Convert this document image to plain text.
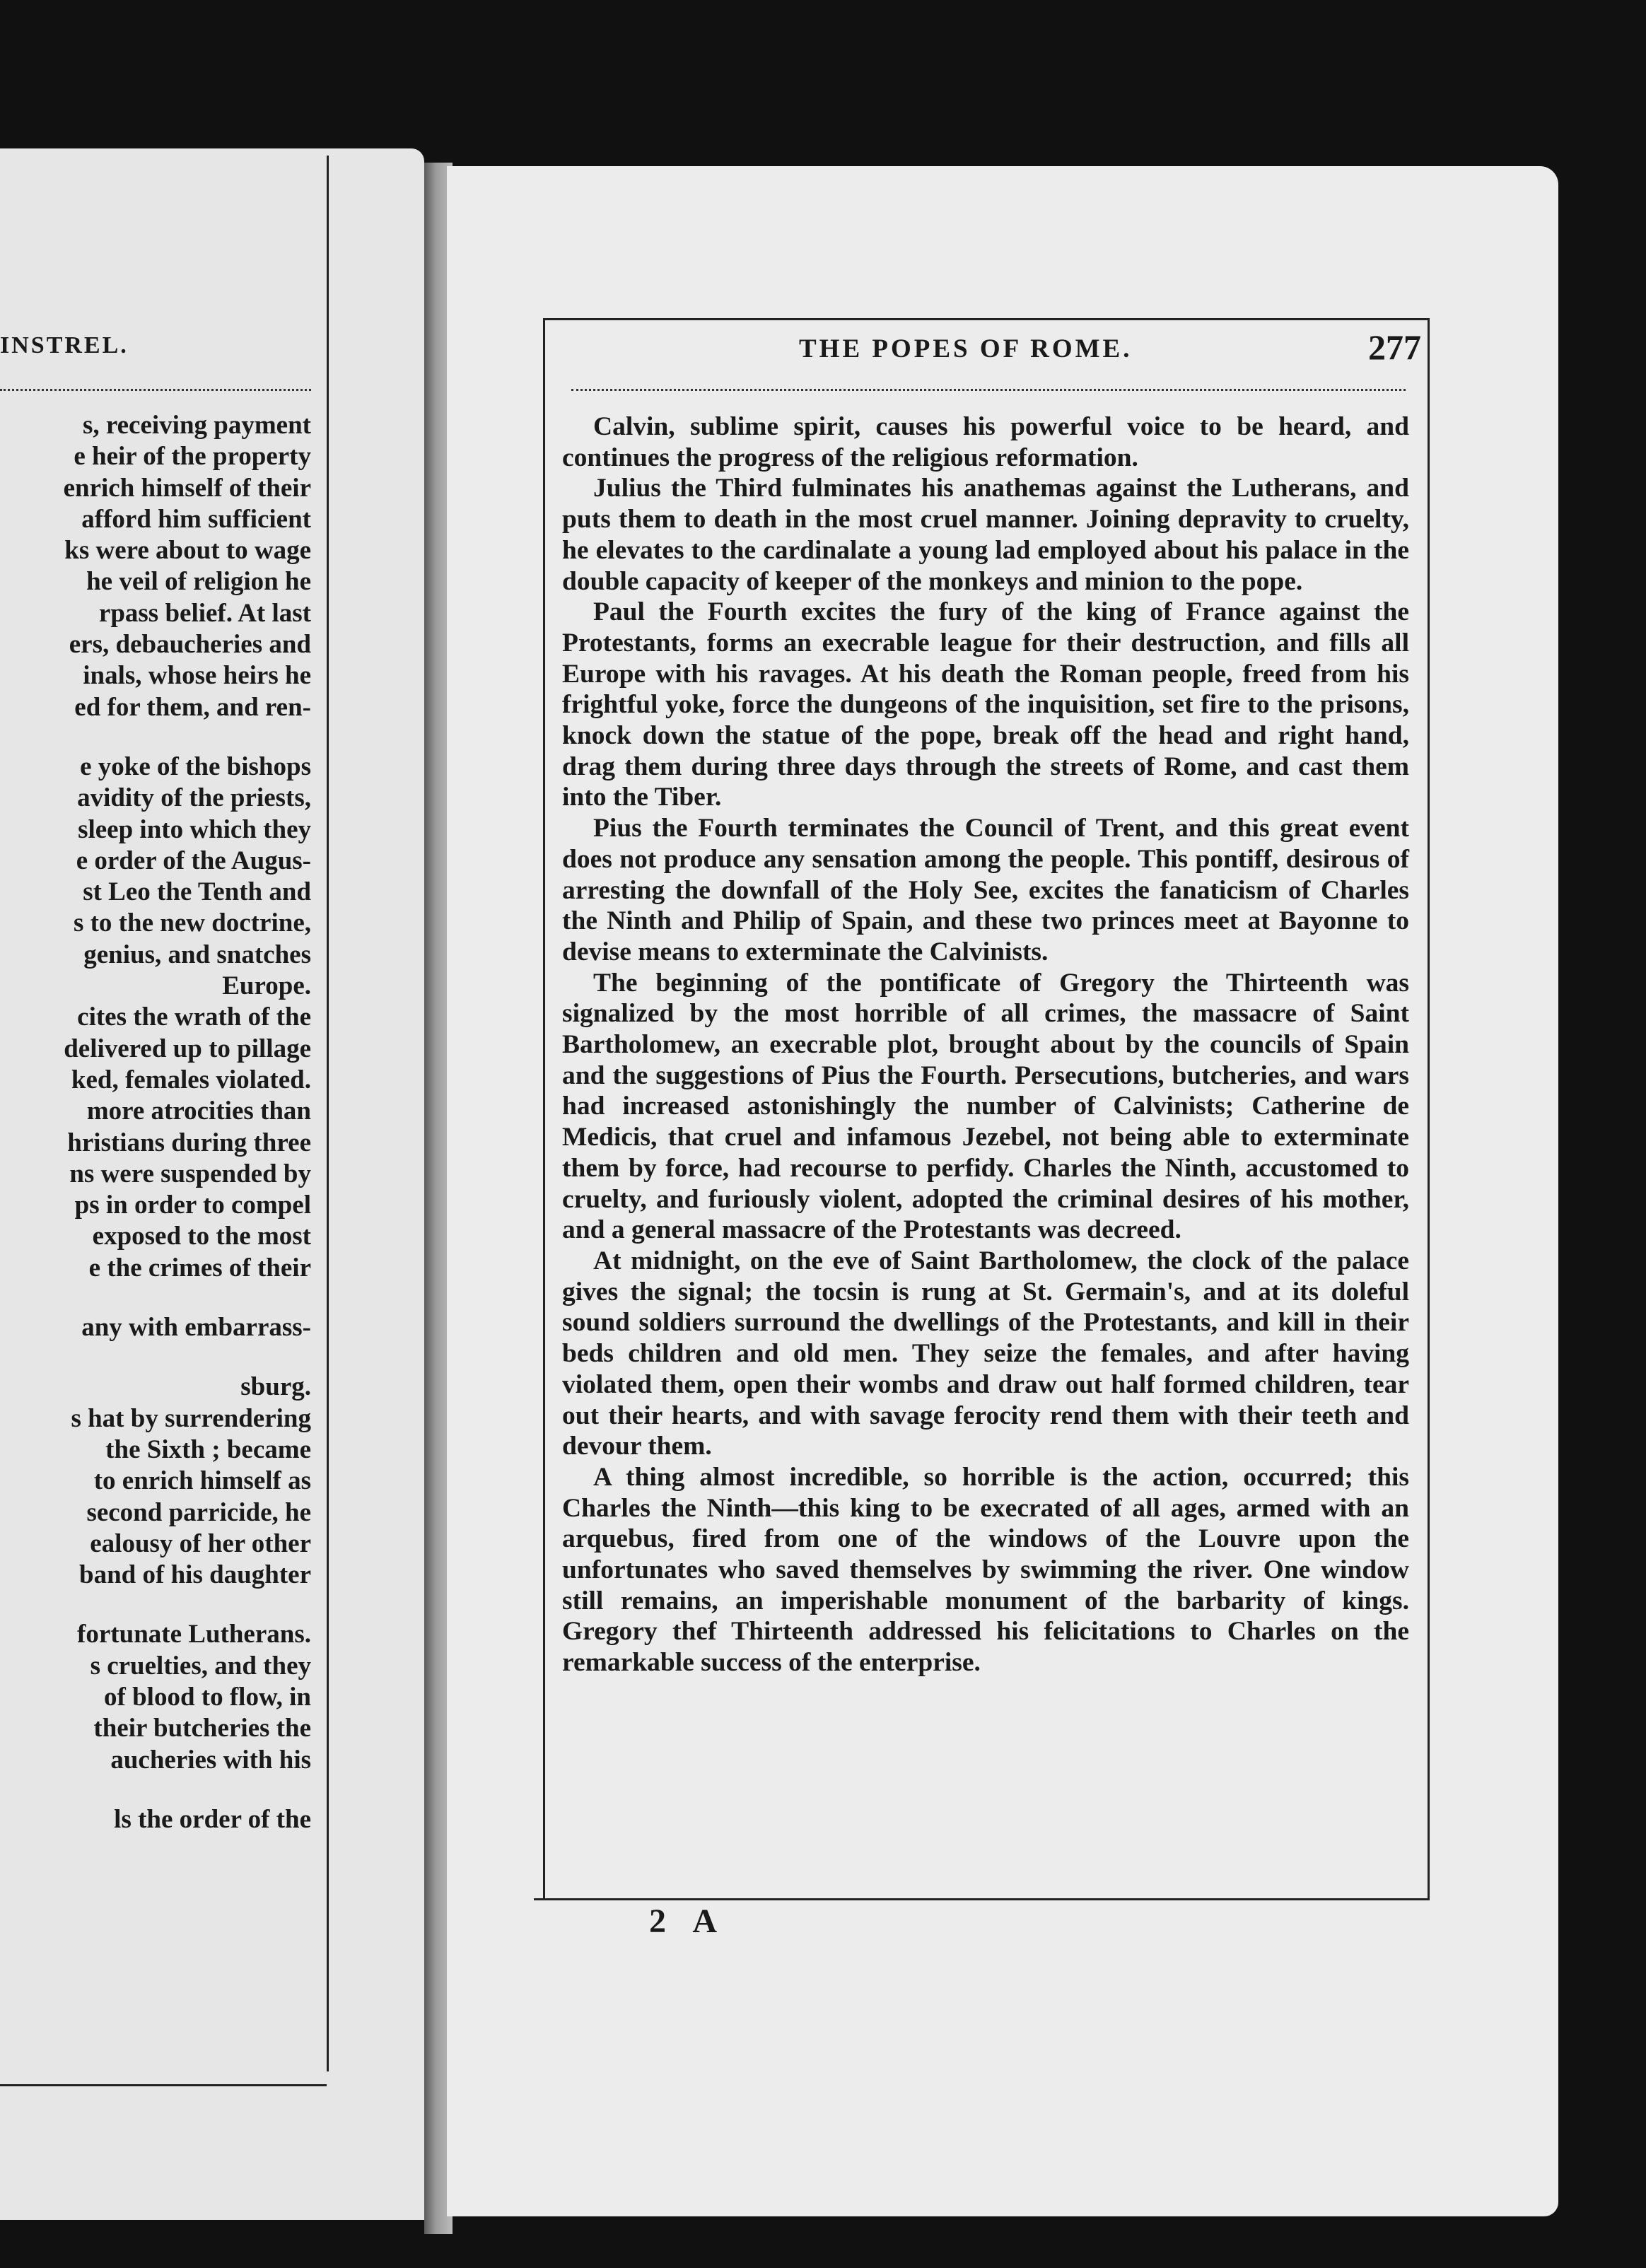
INSTREL.
s, receiving payment
e heir of the property
enrich himself of their
afford him sufficient
ks were about to wage
he veil of religion he
rpass belief. At last
ers, debaucheries and
inals, whose heirs he
ed for them, and ren-
e yoke of the bishops
avidity of the priests,
sleep into which they
e order of the Augus-
st Leo the Tenth and
s to the new doctrine,
genius, and snatches
Europe.
cites the wrath of the
delivered up to pillage
ked, females violated.
more atrocities than
hristians during three
ns were suspended by
ps in order to compel
exposed to the most
e the crimes of their
any with embarrass-
sburg.
s hat by surrendering
the Sixth ; became
to enrich himself as
second parricide, he
ealousy of her other
band of his daughter
fortunate Lutherans.
s cruelties, and they
of blood to flow, in
their butcheries the
aucheries with his
ls the order of the
THE POPES OF ROME.	277

Calvin, sublime spirit, causes his powerful voice to be heard, and continues the progress of the religious reformation.

Julius the Third fulminates his anathemas against the Lutherans, and puts them to death in the most cruel manner. Joining depravity to cruelty, he elevates to the cardinalate a young lad employed about his palace in the double capacity of keeper of the monkeys and minion to the pope.

Paul the Fourth excites the fury of the king of France against the Protestants, forms an execrable league for their destruction, and fills all Europe with his ravages. At his death the Roman people, freed from his frightful yoke, force the dungeons of the inquisition, set fire to the prisons, knock down the statue of the pope, break off the head and right hand, drag them during three days through the streets of Rome, and cast them into the Tiber.

Pius the Fourth terminates the Council of Trent, and this great event does not produce any sensation among the people. This pontiff, desirous of arresting the downfall of the Holy See, excites the fanaticism of Charles the Ninth and Philip of Spain, and these two princes meet at Bayonne to devise means to exterminate the Calvinists.

The beginning of the pontificate of Gregory the Thirteenth was signalized by the most horrible of all crimes, the massacre of Saint Bartholomew, an execrable plot, brought about by the councils of Spain and the suggestions of Pius the Fourth. Persecutions, butcheries, and wars had increased astonishingly the number of Calvinists; Catherine de Medicis, that cruel and infamous Jezebel, not being able to exterminate them by force, had recourse to perfidy. Charles the Ninth, accustomed to cruelty, and furiously violent, adopted the criminal desires of his mother, and a general massacre of the Protestants was decreed.

At midnight, on the eve of Saint Bartholomew, the clock of the palace gives the signal; the tocsin is rung at St. Germain's, and at its doleful sound soldiers surround the dwellings of the Protestants, and kill in their beds children and old men. They seize the females, and after having violated them, open their wombs and draw out half formed children, tear out their hearts, and with savage ferocity rend them with their teeth and devour them.

A thing almost incredible, so horrible is the action, occurred; this Charles the Ninth—this king to be execrated of all ages, armed with an arquebus, fired from one of the windows of the Louvre upon the unfortunates who saved themselves by swimming the river. One window still remains, an imperishable monument of the barbarity of kings. Gregory thef Thirteenth addressed his felicitations to Charles on the remarkable success of the enterprise.

2 A
